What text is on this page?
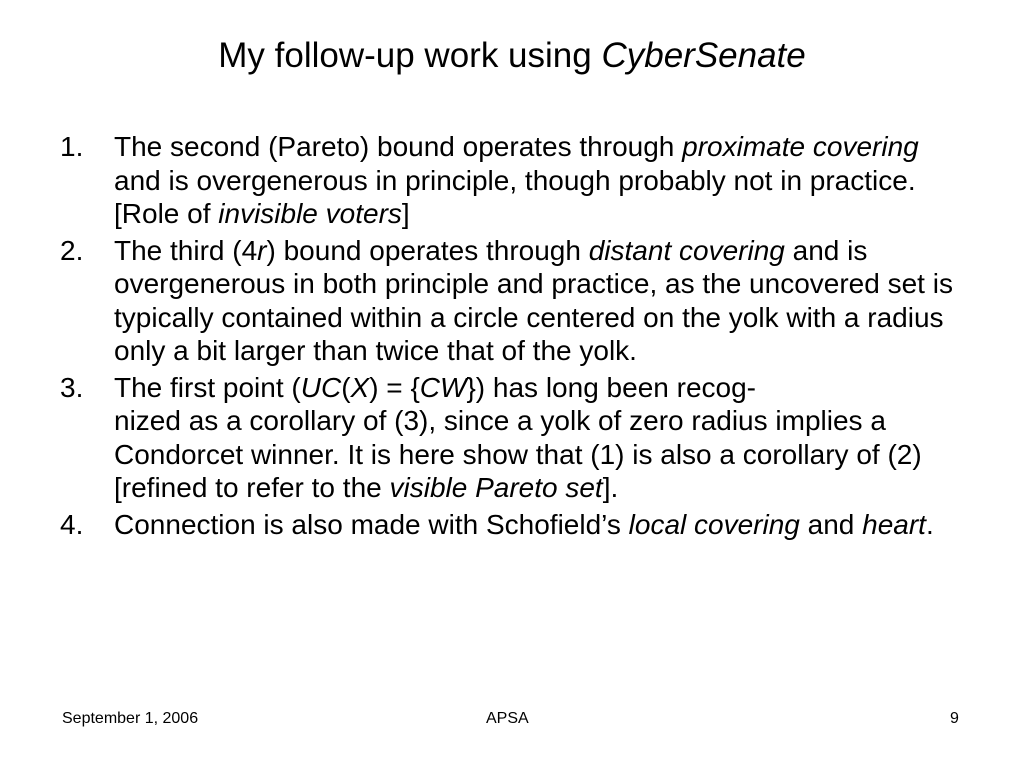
My follow-up work using CyberSenate
1. The second (Pareto) bound operates through proximate covering and is overgenerous in principle, though probably not in practice. [Role of invisible voters]
2. The third (4r) bound operates through distant covering and is overgenerous in both principle and practice, as the uncovered set is typically contained within a circle centered on the yolk with a radius only a bit larger than twice that of the yolk.
3. The first point (UC(X) = {CW}) has long been recog-
nized as a corollary of (3), since a yolk of zero radius implies a Condorcet winner. It is here show that (1) is also a corollary of (2) [refined to refer to the visible Pareto set].
4. Connection is also made with Schofield’s local covering and heart.
September 1, 2006	APSA	9
